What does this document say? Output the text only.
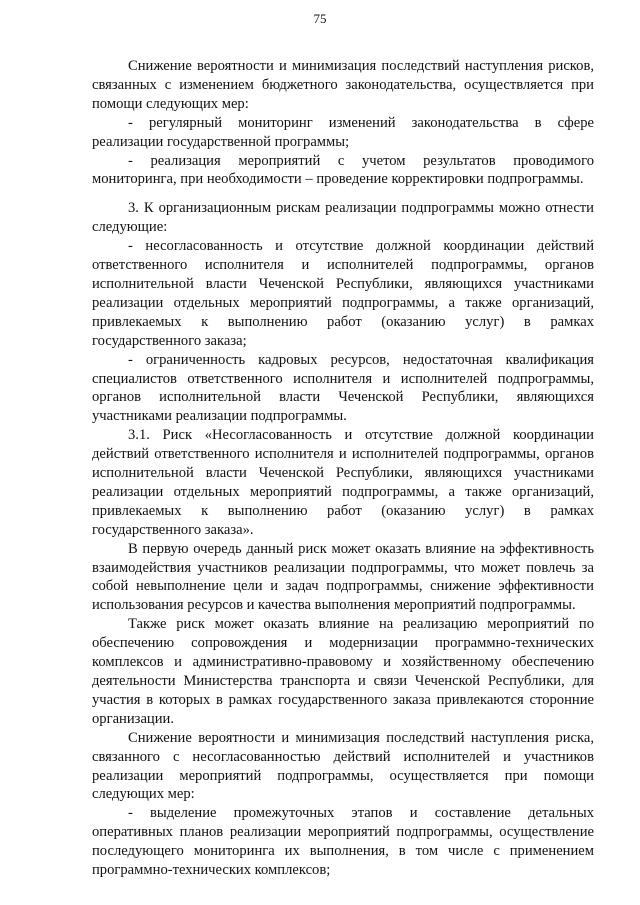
75

Снижение вероятности и минимизация последствий наступления рисков, связанных с изменением бюджетного законодательства, осуществляется при помощи следующих мер:

- регулярный мониторинг изменений законодательства в сфере реализации государственной программы;

- реализация мероприятий с учетом результатов проводимого мониторинга, при необходимости – проведение корректировки подпрограммы.

3. К организационным рискам реализации подпрограммы можно отнести следующие:

- несогласованность и отсутствие должной координации действий ответственного исполнителя и исполнителей подпрограммы, органов исполнительной власти Чеченской Республики, являющихся участниками реализации отдельных мероприятий подпрограммы, а также организаций, привлекаемых к выполнению работ (оказанию услуг) в рамках государственного заказа;

- ограниченность кадровых ресурсов, недостаточная квалификация специалистов ответственного исполнителя и исполнителей подпрограммы, органов исполнительной власти Чеченской Республики, являющихся участниками реализации подпрограммы.

3.1. Риск «Несогласованность и отсутствие должной координации действий ответственного исполнителя и исполнителей подпрограммы, органов исполнительной власти Чеченской Республики, являющихся участниками реализации отдельных мероприятий подпрограммы, а также организаций, привлекаемых к выполнению работ (оказанию услуг) в рамках государственного заказа».

В первую очередь данный риск может оказать влияние на эффективность взаимодействия участников реализации подпрограммы, что может повлечь за собой невыполнение цели и задач подпрограммы, снижение эффективности использования ресурсов и качества выполнения мероприятий подпрограммы.

Также риск может оказать влияние на реализацию мероприятий по обеспечению сопровождения и модернизации программно-технических комплексов и административно-правовому и хозяйственному обеспечению деятельности Министерства транспорта и связи Чеченской Республики, для участия в которых в рамках государственного заказа привлекаются сторонние организации.

Снижение вероятности и минимизация последствий наступления риска, связанного с несогласованностью действий исполнителей и участников реализации мероприятий подпрограммы, осуществляется при помощи следующих мер:

- выделение промежуточных этапов и составление детальных оперативных планов реализации мероприятий подпрограммы, осуществление последующего мониторинга их выполнения, в том числе с применением программно-технических комплексов;
